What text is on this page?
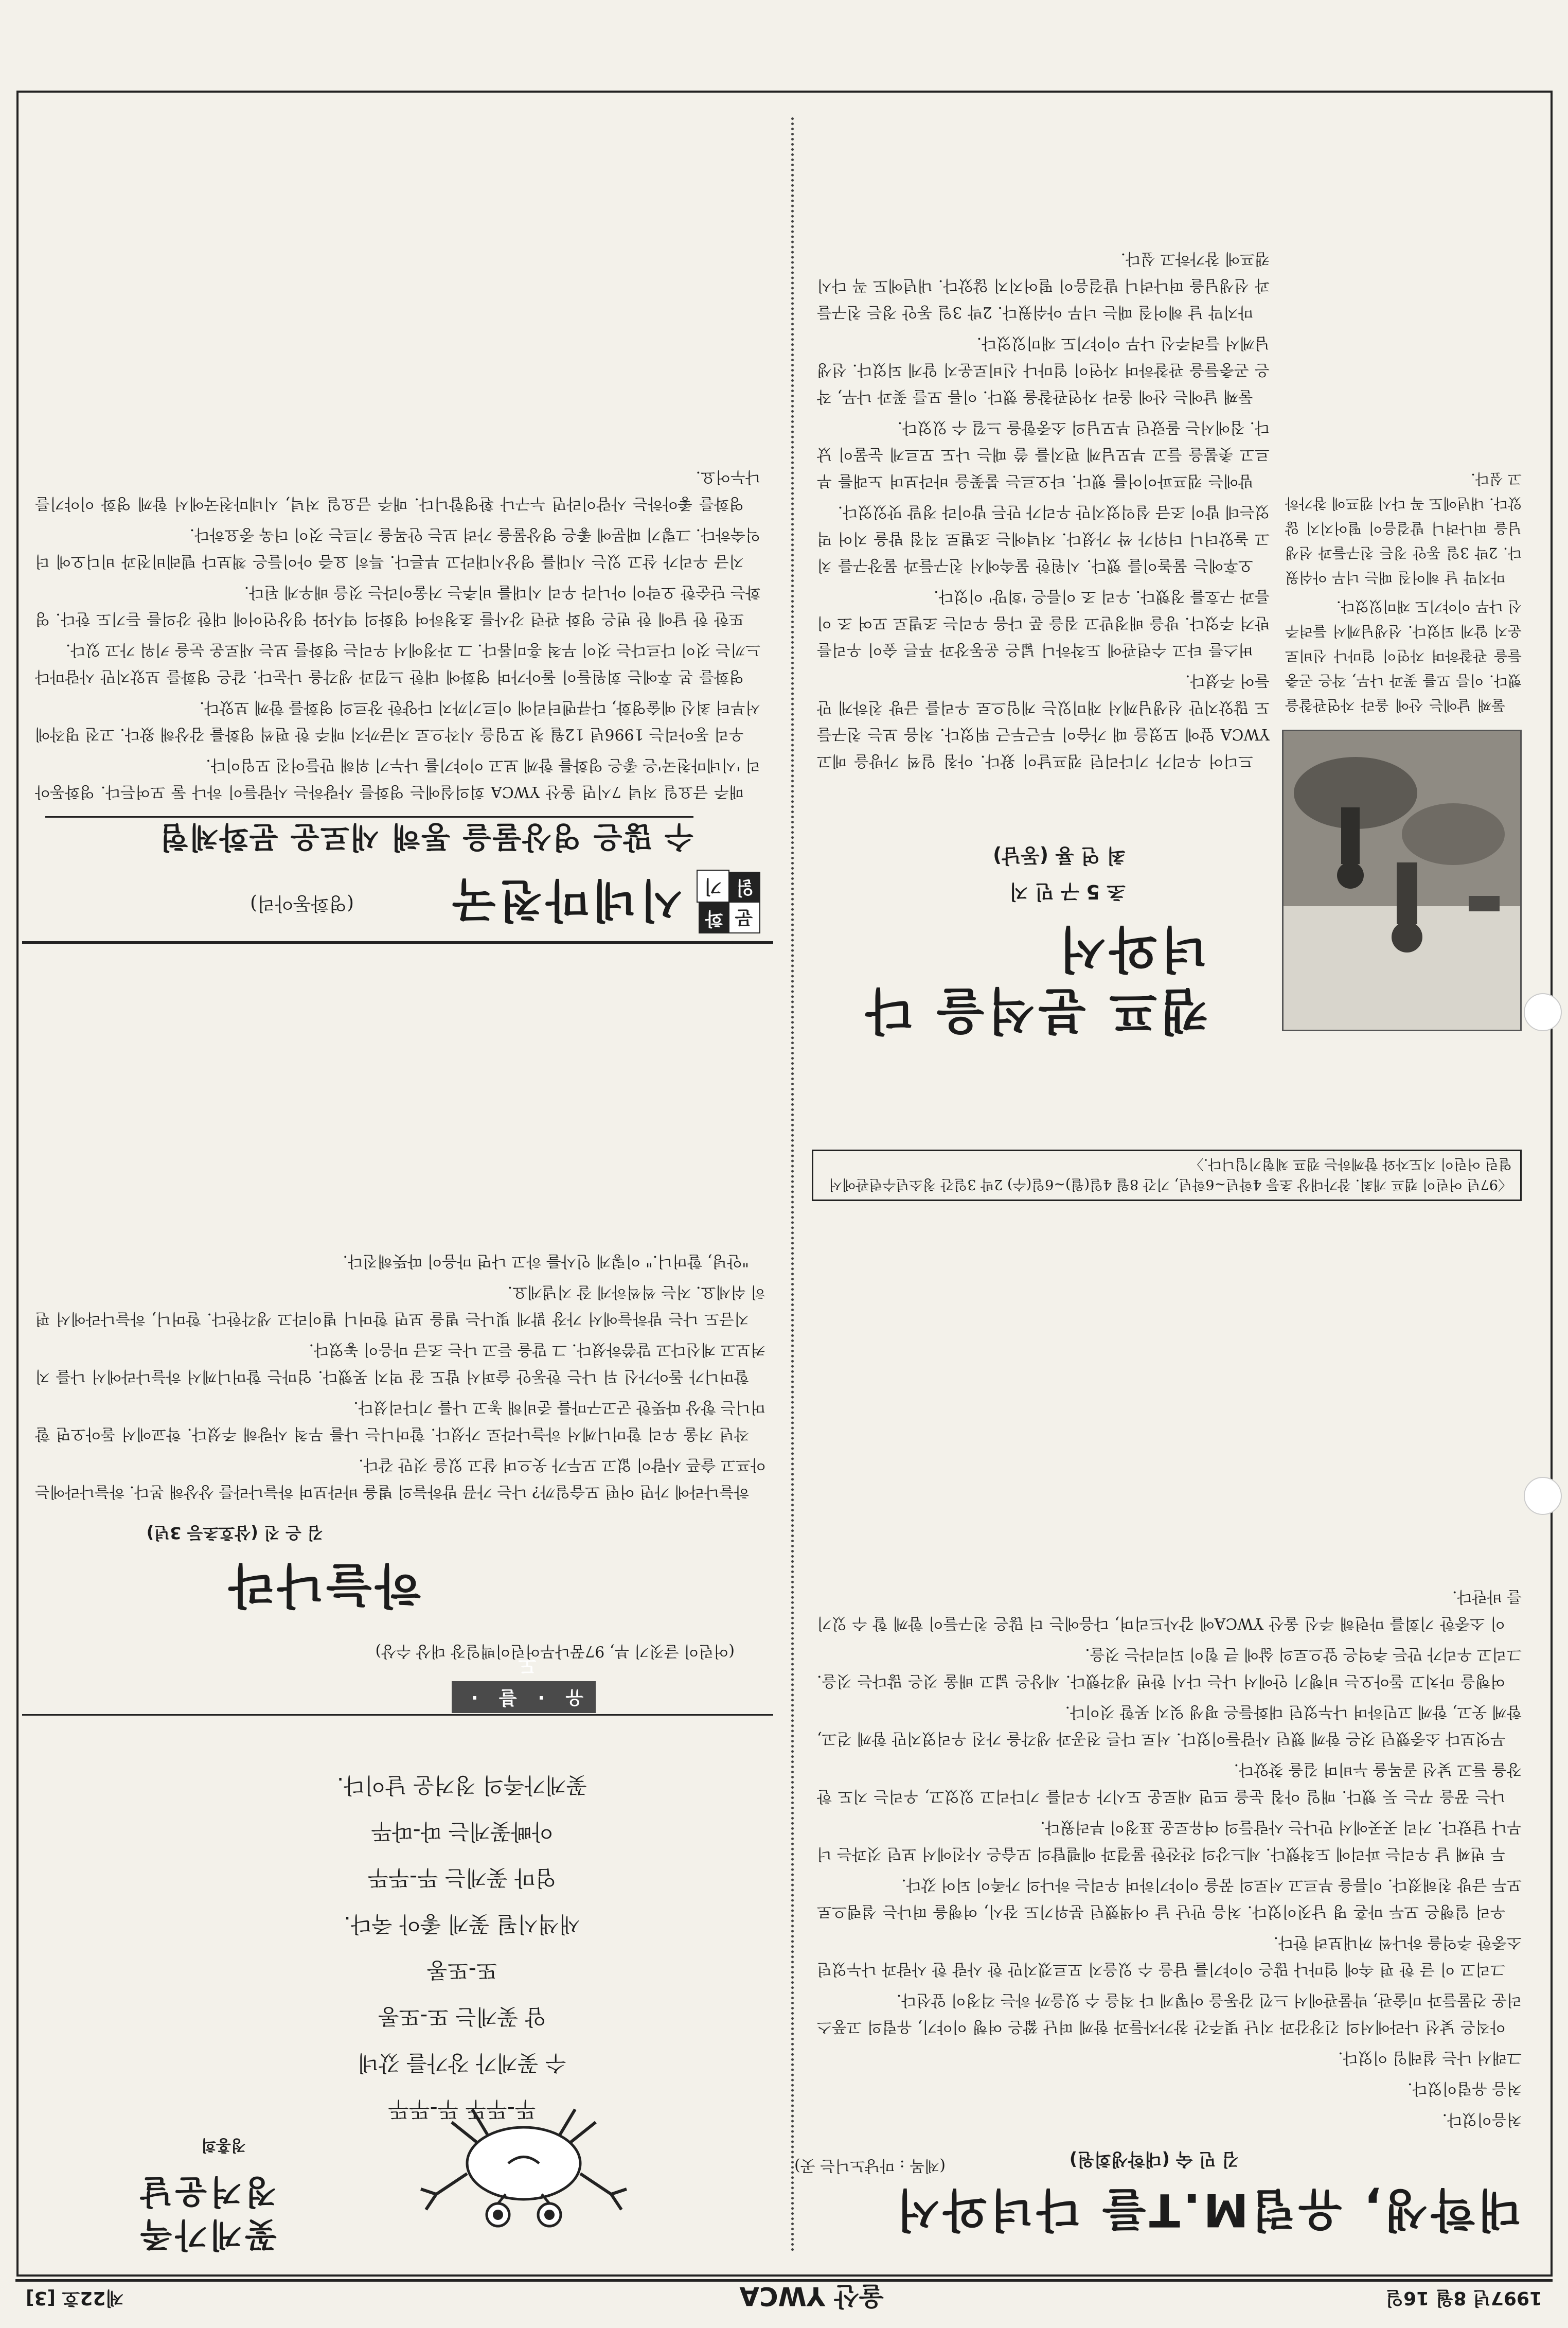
1997년 8월 16일
울산 YWCA
제22호 [3]
대학생, 유럽M.T를 다녀와서
(제목 : 마냥노니는 곳)	김 민 숙 (대학생회원)

처음이었다.

처음 유럽이었다.

그래서 나는 설레임 이었다.

아직은 낯선 나라에서의 긴장감과 지난 몇주간 참가자들과 함께 떠난 짧은 여행 이야기, 유럽의 고풍스러운 건물들과 미술관, 박물관에서 느낀 감동을 어떻게 다 적을 수 있을까 하는 걱정이 앞선다.

그리고 이 글 한 편 속에 얼마나 많은 이야기를 담을 수 있을지 모르겠지만 한 사람 한 사람과 나누었던 소중한 추억을 하나씩 꺼내보려 한다.

우리 일행은 모두 마흔 명 남짓이었다. 처음 만난 날 어색했던 분위기도 잠시, 여행을 떠나는 설렘으로 모두 금방 친해졌다. 이름을 부르고 서로의 꿈을 이야기하며 우리는 하나의 가족이 되어 갔다.

두 번째 날 우리는 파리에 도착했다. 세느강의 잔잔한 물결과 에펠탑의 모습은 사진에서 보던 것과는 너무나 달랐다. 거리 곳곳에서 만나는 사람들의 여유로운 표정이 부러웠다.

나는 꿈을 꾸는 듯 했다. 매일 아침 눈을 뜨면 새로운 도시가 우리를 기다리고 있었고, 우리는 지도 한 장을 들고 낯선 골목을 누비며 길을 찾았다.

무엇보다 소중했던 것은 함께 했던 사람들이었다. 서로 다른 전공과 생각을 가진 우리였지만 함께 걷고, 함께 웃고, 함께 고민하며 나누었던 대화들은 평생 잊지 못할 것이다.

여행을 마치고 돌아오는 비행기 안에서 나는 다시 한번 생각했다. 세상은 넓고 배울 것은 많다는 것을. 그리고 우리가 만든 추억은 앞으로의 삶에 큰 힘이 되리라는 것을.

이 소중한 기회를 마련해 주신 울산 YWCA에 감사드리며, 다음에는 더 많은 친구들이 함께 할 수 있기를 바란다.

〈97년 어린이 캠프 개최. 참가대상 초등 4학년~6학년, 기간 8월 4일(월)~6일(수) 2박 3일간 청소년수련관에서 열린 어린이 지도자와 함께하는 캠프 체험기입니다.〉
캠프 분석을 다녀와서
초 5 구 민 지
최 연 룡 (동남)

드디어 우리가 기다리던 캠프날이 왔다. 아침 일찍 가방을 메고 YWCA 앞에 모였을 때 가슴이 두근두근 뛰었다. 처음 보는 친구들도 많았지만 선생님께서 재미있는 게임으로 우리를 금방 친하게 만들어 주셨다.

버스를 타고 수련관에 도착하니 넓은 운동장과 푸른 숲이 우리를 반겨 주었다. 방을 배정받고 짐을 푼 다음 우리는 조별로 모여 조 이름과 구호를 정했다. 우리 조 이름은 '희망' 이었다.

오후에는 물놀이를 했다. 시원한 물속에서 친구들과 물장구를 치고 놀았더니 더위가 싹 가셨다. 저녁에는 조별로 직접 밥을 지어 먹었는데 밥이 조금 설익었지만 우리가 만든 밥이라 정말 맛있었다.

밤에는 캠프파이어를 했다. 타오르는 불꽃을 바라보며 노래를 부르고 촛불을 들고 부모님께 편지를 쓸 때는 나도 모르게 눈물이 났다. 집에서는 몰랐던 부모님의 소중함을 느낄 수 있었다.

둘째 날에는 산에 올라 자연관찰을 했다. 이름 모를 꽃과 나무, 작은 곤충들을 관찰하며 자연이 얼마나 신비로운지 알게 되었다. 선생님께서 들려주신 나무 이야기도 재미있었다.

마지막 날 헤어질 때는 너무 아쉬웠다. 2박 3일 동안 정든 친구들과 선생님을 떠나려니 발걸음이 떨어지지 않았다. 내년에도 꼭 다시 캠프에 참가하고 싶다.

둘째 날에는 산에 올라 자연관찰을 했다. 이름 모를 꽃과 나무, 작은 곤충들을 관찰하며 자연이 얼마나 신비로운지 알게 되었다. 선생님께서 들려주신 나무 이야기도 재미있었다.

마지막 날 헤어질 때는 너무 아쉬웠다. 2박 3일 동안 정든 친구들과 선생님을 떠나려니 발걸음이 떨어지지 않았다. 내년에도 꼭 다시 캠프에 참가하고 싶다.

꽃게가족 정겨운날
정홍희
뚜-뚜뚜 뚜-뚜뚜
수 꽃게가 장가를 갔네
암 꽃게는 또-또롱
또-또롱
새색시될 꽃게 좋아 죽다.
엄마 꽃게는 뚜-뚜뚜
아빠꽃게는 따-따뚜
꽃게가족의 정겨운 날이다.
유 · 블 · 도
(어린이 글짓기 부, 97꿈나무어린이백일장 대상 수상)
하늘나라
김 은 진 (삼호초등 3년)

하늘나라에 가면 어떤 모습일까? 나는 가끔 밤하늘의 별을 바라보며 하늘나라를 상상해 본다. 하늘나라에는 아프고 슬픈 사람이 없고 모두가 웃으며 살고 있을 것만 같다.

작년 겨울 우리 할머니께서 하늘나라로 가셨다. 할머니는 나를 무척 사랑해 주셨다. 학교에서 돌아오면 할머니는 항상 따뜻한 군고구마를 준비해 놓고 나를 기다리셨다.

할머니가 돌아가신 뒤 나는 한동안 슬퍼서 밥도 잘 먹지 못했다. 엄마는 할머니께서 하늘나라에서 나를 지켜보고 계신다고 말씀하셨다. 그 말을 듣고 나는 조금 마음이 놓였다.

지금도 나는 밤하늘에서 가장 밝게 빛나는 별을 보면 할머니 별이라고 생각한다. 할머니, 하늘나라에서 편히 쉬세요. 저는 씩씩하게 잘 지낼게요.

"안녕, 할머니." 이렇게 인사를 하고 나면 마음이 따뜻해진다.

문
화
읽
기
시네마천국
(영화동아리)
수 많은 영상물을 통해 새로운 문화체험

매주 금요일 저녁 7시면 울산 YWCA 회의실에는 영화를 사랑하는 사람들이 하나 둘 모여든다. 영화동아리 '시네마천국'은 좋은 영화를 함께 보고 이야기를 나누기 위해 만들어진 모임이다.

우리 동아리는 1996년 12월 첫 모임을 시작으로 지금까지 매주 한 편씩 영화를 감상해 왔다. 고전 명작에서부터 최신 예술영화, 다큐멘터리에 이르기까지 다양한 장르의 영화를 함께 보았다.

영화를 본 후에는 회원들이 돌아가며 영화에 대한 느낌과 생각을 나눈다. 같은 영화를 보았지만 사람마다 느끼는 것이 다르다는 것이 무척 흥미롭다. 그 과정에서 우리는 영화를 보는 새로운 눈을 키워 가고 있다.

또한 한 달에 한 번은 영화 관련 강사를 초청하여 영화의 역사와 영상언어에 대한 강의를 듣기도 한다. 영화는 단순한 오락이 아니라 우리 시대를 비추는 거울이라는 것을 배우게 된다.

지금 우리가 살고 있는 시대를 영상시대라고 부른다. 특히 요즘 아이들은 책보다 텔레비전과 비디오에 더 익숙하다. 그렇기 때문에 좋은 영상물을 가려 보는 안목을 기르는 것이 더욱 중요하다.

영화를 좋아하는 사람이라면 누구나 환영합니다. 매주 금요일 저녁, 시네마천국에서 함께 영화 이야기를 나누어요.
